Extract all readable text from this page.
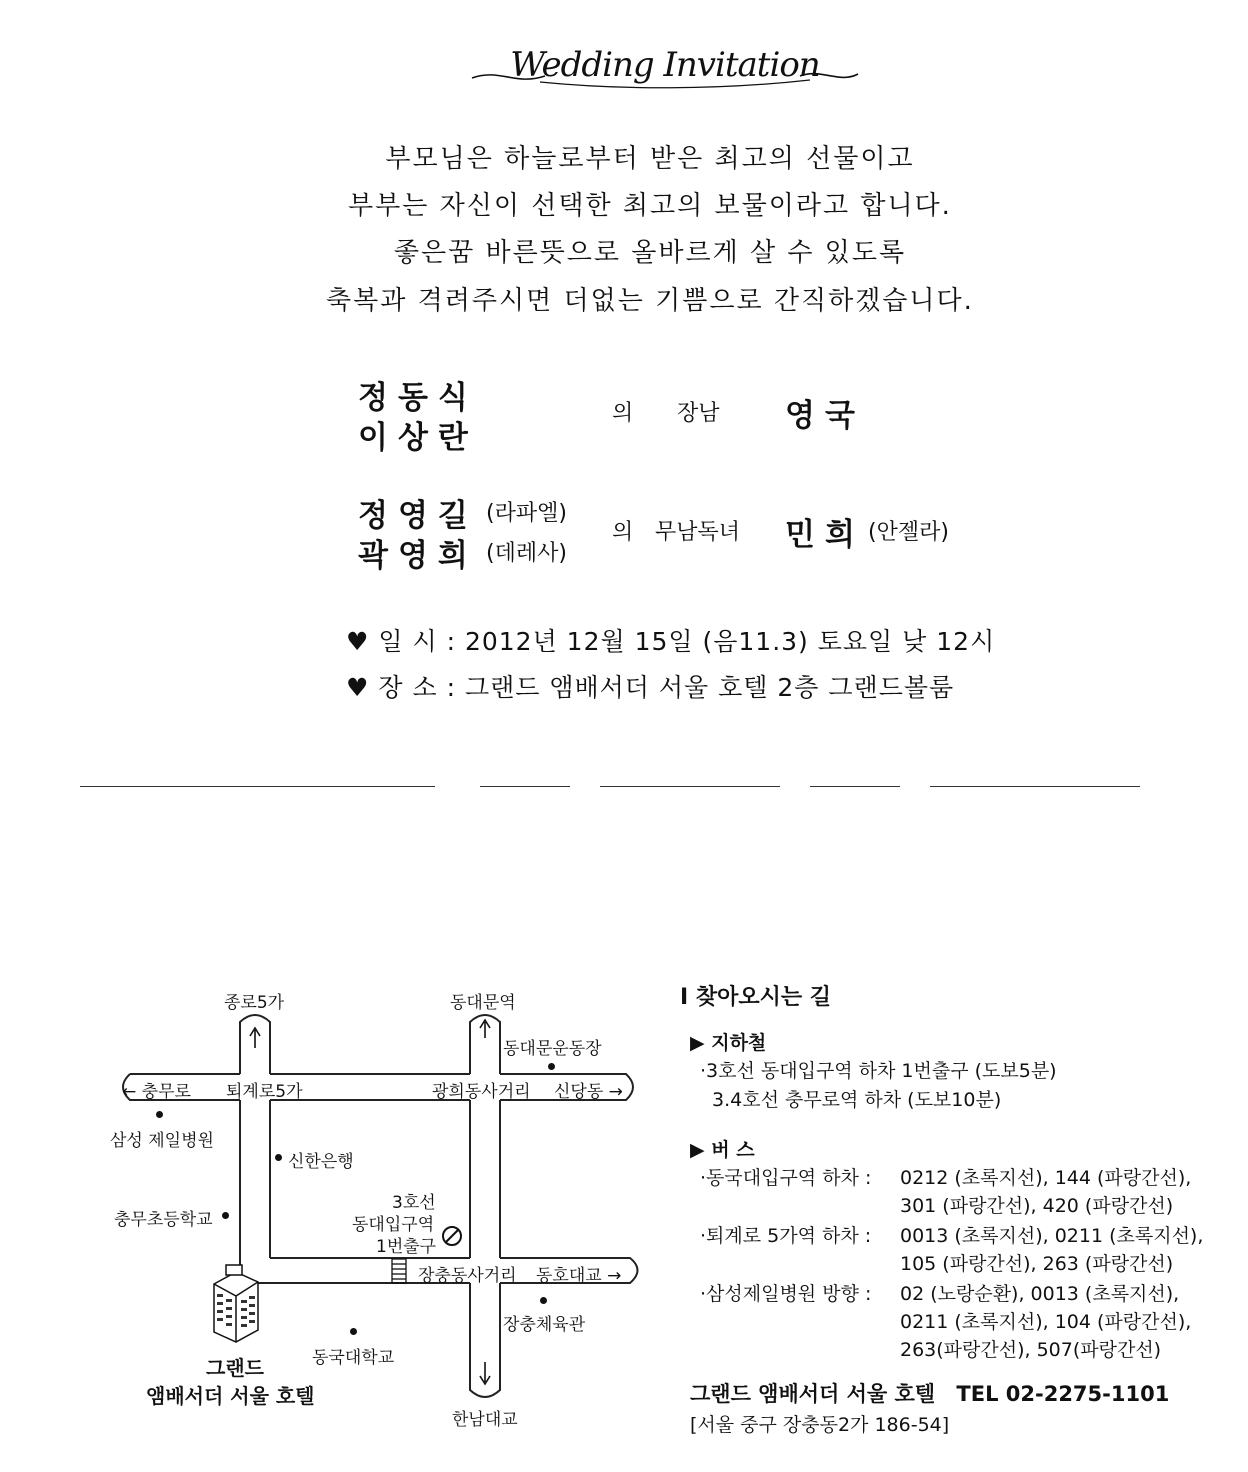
Wedding Invitation
부모님은 하늘로부터 받은 최고의 선물이고
부부는 자신이 선택한 최고의 보물이라고 합니다.
좋은꿈 바른뜻으로 올바르게 살 수 있도록
축복과 격려주시면 더없는 기쁨으로 간직하겠습니다.
정동식
이상란
의 장남 영국
정영길 (라파엘)
곽영희 (데레사)
의 무남독녀 민희 (안젤라)
♥ 일 시 : 2012년 12월 15일 (음11.3) 토요일 낮 12시
♥ 장 소 : 그랜드 앰배서더 서울 호텔 2층 그랜드볼룸
종로5가	동대문역
동대문운동장
← 충무로 퇴계로5가	광희동사거리 신당동 →
삼성 제일병원
신한은행
3호선
동대입구역
1번출구
충무초등학교
장충동사거리 동호대교 →
장충체육관
동국대학교
한남대교
그랜드
앰배서더 서울 호텔
I 찾아오시는 길
▶ 지하철
·3호선 동대입구역 하차 1번출구 (도보5분)
3.4호선 충무로역 하차 (도보10분)
▶ 버 스
·동국대입구역 하차 : 0212 (초록지선), 144 (파랑간선),
301 (파랑간선), 420 (파랑간선)
·퇴계로 5가역 하차 : 0013 (초록지선), 0211 (초록지선),
105 (파랑간선), 263 (파랑간선)
·삼성제일병원 방향 : 02 (노랑순환), 0013 (초록지선),
0211 (초록지선), 104 (파랑간선),
263(파랑간선), 507(파랑간선)
그랜드 앰배서더 서울 호텔 TEL 02-2275-1101
[서울 중구 장충동2가 186-54]
